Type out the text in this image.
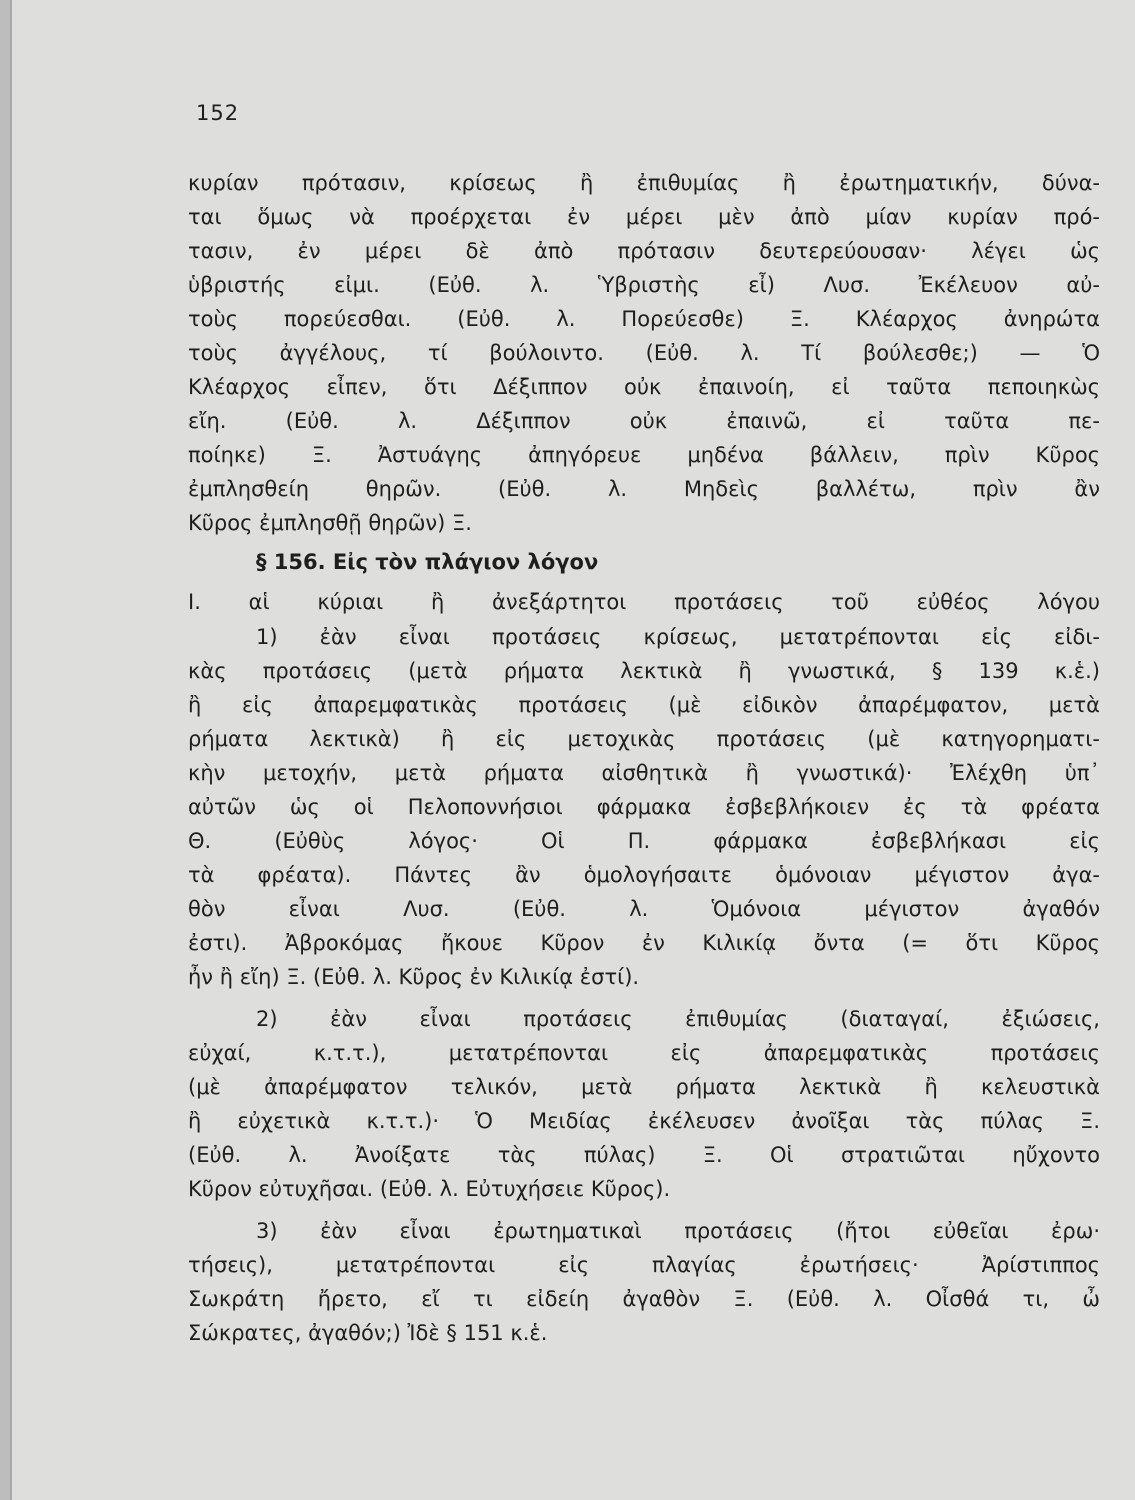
152
κυρίαν πρότασιν, κρίσεως ἢ ἐπιθυμίας ἢ ἐρωτηματικήν, δύνα-
ται ὅμως νὰ προέρχεται ἐν μέρει μὲν ἀπὸ μίαν κυρίαν πρό-
τασιν, ἐν μέρει δὲ ἀπὸ πρότασιν δευτερεύουσαν· λέγει ὡς
ὑβριστής εἰμι. (Εὐθ. λ. Ὑβριστὴς εἶ) Λυσ. Ἐκέλευον αὐ-
τοὺς πορεύεσθαι. (Εὐθ. λ. Πορεύεσθε) Ξ. Κλέαρχος ἀνηρώτα
τοὺς ἀγγέλους, τί βούλοιντο. (Εὐθ. λ. Τί βούλεσθε;) — Ὁ
Κλέαρχος εἶπεν, ὅτι Δέξιππον οὐκ ἐπαινοίη, εἰ ταῦτα πεποιηκὼς
εἴη. (Εὐθ. λ. Δέξιππον οὐκ ἐπαινῶ, εἰ ταῦτα πε-
ποίηκε) Ξ. Ἀστυάγης ἀπηγόρευε μηδένα βάλλειν, πρὶν Κῦρος
ἐμπλησθείη θηρῶν. (Εὐθ. λ. Μηδεὶς βαλλέτω, πρὶν ἂν
Κῦρος ἐμπλησθῇ θηρῶν) Ξ.
§ 156. Εἰς τὸν πλάγιον λόγον
Ι. αἱ κύριαι ἢ ἀνεξάρτητοι προτάσεις τοῦ εὐθέος λόγου
1) ἐὰν εἶναι προτάσεις κρίσεως, μετατρέπονται εἰς εἰδι-
κὰς προτάσεις (μετὰ ρήματα λεκτικὰ ἢ γνωστικά, § 139 κ.ἑ.)
ἢ εἰς ἀπαρεμφατικὰς προτάσεις (μὲ εἰδικὸν ἀπαρέμφατον, μετὰ
ρήματα λεκτικὰ) ἢ εἰς μετοχικὰς προτάσεις (μὲ κατηγορηματι-
κὴν μετοχήν, μετὰ ρήματα αἰσθητικὰ ἢ γνωστικά)· Ἐλέχθη ὑπ᾽
αὐτῶν ὡς οἱ Πελοποννήσιοι φάρμακα ἐσβεβλήκοιεν ἐς τὰ φρέατα
Θ. (Εὐθὺς λόγος· Οἱ Π. φάρμακα ἐσβεβλήκασι εἰς
τὰ φρέατα). Πάντες ἂν ὁμολογήσαιτε ὁμόνοιαν μέγιστον ἀγα-
θὸν εἶναι Λυσ. (Εὐθ. λ. Ὁμόνοια μέγιστον ἀγαθόν
ἐστι). Ἀβροκόμας ἤκουε Κῦρον ἐν Κιλικίᾳ ὄντα (= ὅτι Κῦρος
ἦν ἢ εἴη) Ξ. (Εὐθ. λ. Κῦρος ἐν Κιλικίᾳ ἐστί).
2) ἐὰν εἶναι προτάσεις ἐπιθυμίας (διαταγαί, ἐξιώσεις,
εὐχαί, κ.τ.τ.), μετατρέπονται εἰς ἀπαρεμφατικὰς προτάσεις
(μὲ ἀπαρέμφατον τελικόν, μετὰ ρήματα λεκτικὰ ἢ κελευστικὰ
ἢ εὐχετικὰ κ.τ.τ.)· Ὁ Μειδίας ἐκέλευσεν ἀνοῖξαι τὰς πύλας Ξ.
(Εὐθ. λ. Ἀνοίξατε τὰς πύλας) Ξ. Οἱ στρατιῶται ηὔχοντο
Κῦρον εὐτυχῆσαι. (Εὐθ. λ. Εὐτυχήσειε Κῦρος).
3) ἐὰν εἶναι ἐρωτηματικαὶ προτάσεις (ἤτοι εὐθεῖαι ἐρω·
τήσεις), μετατρέπονται εἰς πλαγίας ἐρωτήσεις· Ἀρίστιππος
Σωκράτη ἤρετο, εἴ τι εἰδείη ἀγαθὸν Ξ. (Εὐθ. λ. Οἶσθά τι, ὦ
Σώκρατες, ἀγαθόν;) Ἰδὲ § 151 κ.ἑ.
